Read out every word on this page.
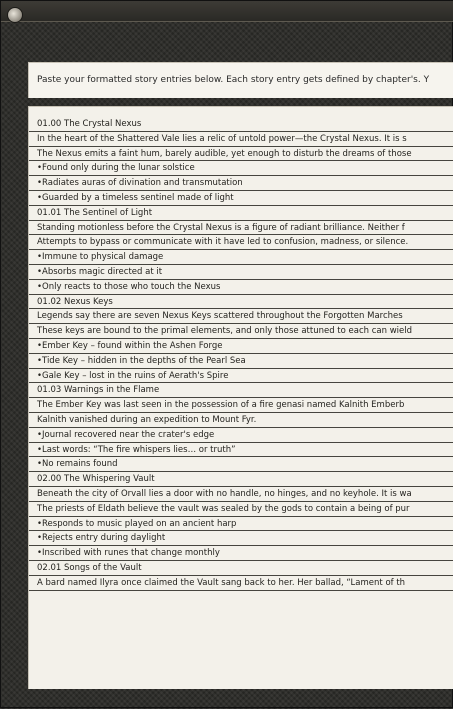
Paste your formatted story entries below. Each story entry gets defined by chapter's. Y
01.00 The Crystal Nexus
In the heart of the Shattered Vale lies a relic of untold power—the Crystal Nexus. It is s
The Nexus emits a faint hum, barely audible, yet enough to disturb the dreams of those
•Found only during the lunar solstice
•Radiates auras of divination and transmutation
•Guarded by a timeless sentinel made of light
01.01 The Sentinel of Light
Standing motionless before the Crystal Nexus is a figure of radiant brilliance. Neither f
Attempts to bypass or communicate with it have led to confusion, madness, or silence.
•Immune to physical damage
•Absorbs magic directed at it
•Only reacts to those who touch the Nexus
01.02 Nexus Keys
Legends say there are seven Nexus Keys scattered throughout the Forgotten Marches
These keys are bound to the primal elements, and only those attuned to each can wield
•Ember Key – found within the Ashen Forge
•Tide Key – hidden in the depths of the Pearl Sea
•Gale Key – lost in the ruins of Aerath's Spire
01.03 Warnings in the Flame
The Ember Key was last seen in the possession of a fire genasi named Kalnith Emberb
Kalnith vanished during an expedition to Mount Fyr.
•Journal recovered near the crater's edge
•Last words: “The fire whispers lies… or truth”
•No remains found
02.00 The Whispering Vault
Beneath the city of Orvall lies a door with no handle, no hinges, and no keyhole. It is wa
The priests of Eldath believe the vault was sealed by the gods to contain a being of pur
•Responds to music played on an ancient harp
•Rejects entry during daylight
•Inscribed with runes that change monthly
02.01 Songs of the Vault
A bard named Ilyra once claimed the Vault sang back to her. Her ballad, “Lament of th
